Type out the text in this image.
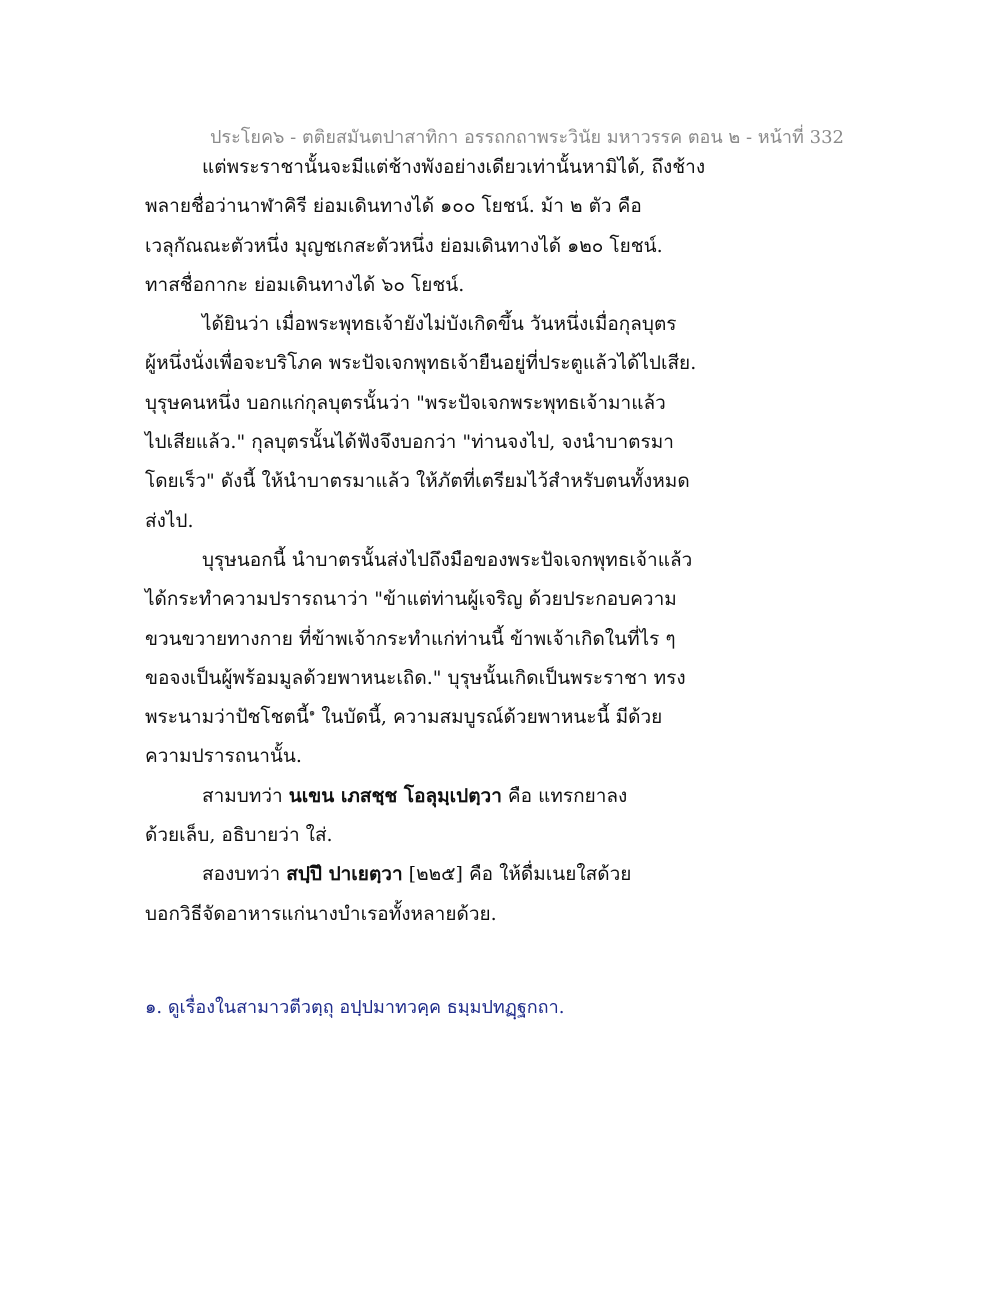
ประโยค๖ - ตติยสมันตปาสาทิกา อรรถกถาพระวินัย มหาวรรค ตอน ๒ - หน้าที่ 332
แต่พระราชานั้นจะมีแต่ช้างพังอย่างเดียวเท่านั้นหามิได้, ถึงช้าง
พลายชื่อว่านาฬาคิรี ย่อมเดินทางได้ ๑๐๐ โยชน์. ม้า ๒ ตัว คือ
เวลุกัณณะตัวหนึ่ง มุญชเกสะตัวหนึ่ง ย่อมเดินทางได้ ๑๒๐ โยชน์.
ทาสชื่อกากะ ย่อมเดินทางได้ ๖๐ โยชน์.
ได้ยินว่า เมื่อพระพุทธเจ้ายังไม่บังเกิดขึ้น วันหนึ่งเมื่อกุลบุตร
ผู้หนึ่งนั่งเพื่อจะบริโภค พระปัจเจกพุทธเจ้ายืนอยู่ที่ประตูแล้วได้ไปเสีย.
บุรุษคนหนึ่ง บอกแก่กุลบุตรนั้นว่า "พระปัจเจกพระพุทธเจ้ามาแล้ว
ไปเสียแล้ว." กุลบุตรนั้นได้ฟังจึงบอกว่า "ท่านจงไป, จงนำบาตรมา
โดยเร็ว" ดังนี้ ให้นำบาตรมาแล้ว ให้ภัตที่เตรียมไว้สำหรับตนทั้งหมด
ส่งไป.
บุรุษนอกนี้ นำบาตรนั้นส่งไปถึงมือของพระปัจเจกพุทธเจ้าแล้ว
ได้กระทำความปรารถนาว่า "ข้าแต่ท่านผู้เจริญ ด้วยประกอบความ
ขวนขวายทางกาย ที่ข้าพเจ้ากระทำแก่ท่านนี้ ข้าพเจ้าเกิดในที่ไร ๆ
ขอจงเป็นผู้พร้อมมูลด้วยพาหนะเถิด." บุรุษนั้นเกิดเป็นพระราชา ทรง
พระนามว่าปัชโชตนี้$^๑$ ในบัดนี้, ความสมบูรณ์ด้วยพาหนะนี้ มีด้วย
ความปรารถนานั้น.
สามบทว่า นเขน เภสชฺช โอลุมฺเปตฺวา คือ แทรกยาลง
ด้วยเล็บ, อธิบายว่า ใส่.
สองบทว่า สปฺปึ ปาเยตฺวา [๒๒๕] คือ ให้ดื่มเนยใสด้วย
บอกวิธีจัดอาหารแก่นางบำเรอทั้งหลายด้วย.
๑. ดูเรื่องในสามาวตีวตฺถุ อปฺปมาทวคฺค ธมฺมปทฏฺฐกถา.
